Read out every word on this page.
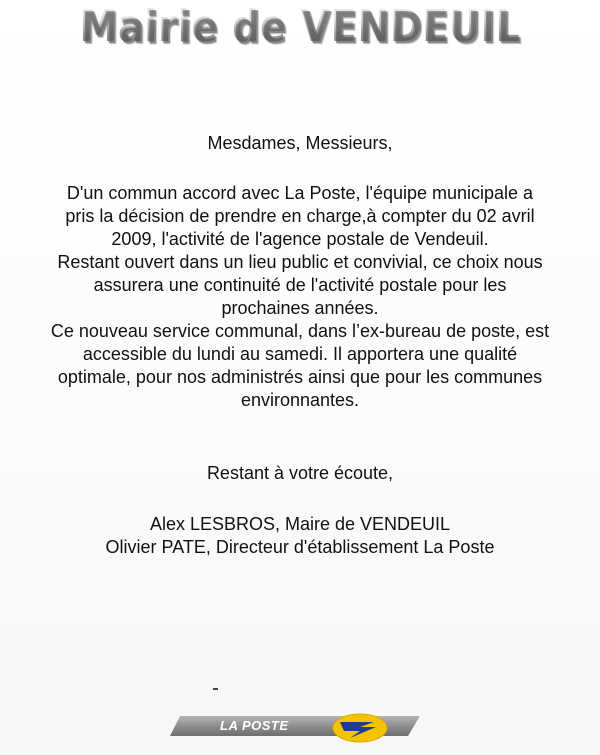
Mairie de VENDEUIL
Mesdames, Messieurs,
D'un commun accord avec La Poste, l'équipe municipale a
pris la décision de prendre en charge,à compter du 02 avril
2009, l'activité de l'agence postale de Vendeuil.
Restant ouvert dans un lieu public et convivial, ce choix nous
assurera une continuité de l'activité postale pour les
prochaines années.
Ce nouveau service communal, dans l’ex-bureau de poste, est
accessible du lundi au samedi. Il apportera une qualité
optimale, pour nos administrés ainsi que pour les communes
environnantes.
Restant à votre écoute,
Alex LESBROS, Maire de VENDEUIL
Olivier PATE, Directeur d'établissement La Poste
LA POSTE
